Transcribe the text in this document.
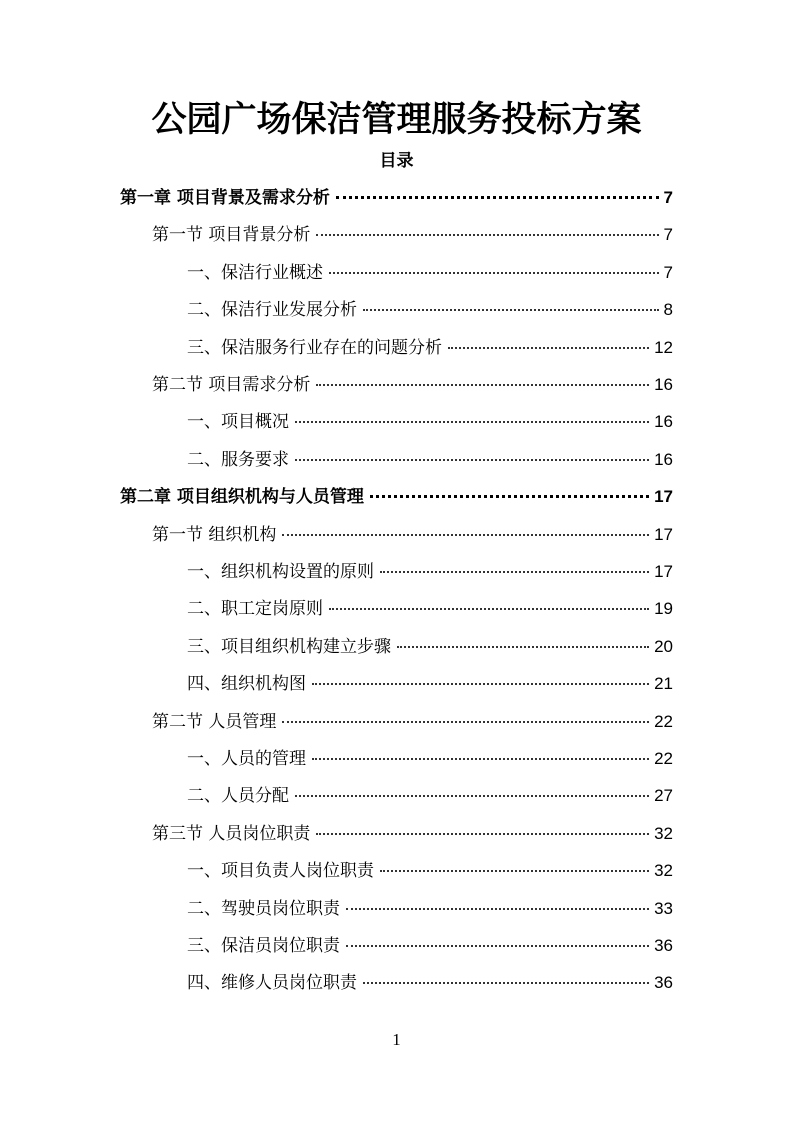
公园广场保洁管理服务投标方案
目录
第一章 项目背景及需求分析	7
第一节 项目背景分析	7
一、保洁行业概述	7
二、保洁行业发展分析	8
三、保洁服务行业存在的问题分析	12
第二节 项目需求分析	16
一、项目概况	16
二、服务要求	16
第二章 项目组织机构与人员管理	17
第一节 组织机构	17
一、组织机构设置的原则	17
二、职工定岗原则	19
三、项目组织机构建立步骤	20
四、组织机构图	21
第二节 人员管理	22
一、人员的管理	22
二、人员分配	27
第三节 人员岗位职责	32
一、项目负责人岗位职责	32
二、驾驶员岗位职责	33
三、保洁员岗位职责	36
四、维修人员岗位职责	36
1
